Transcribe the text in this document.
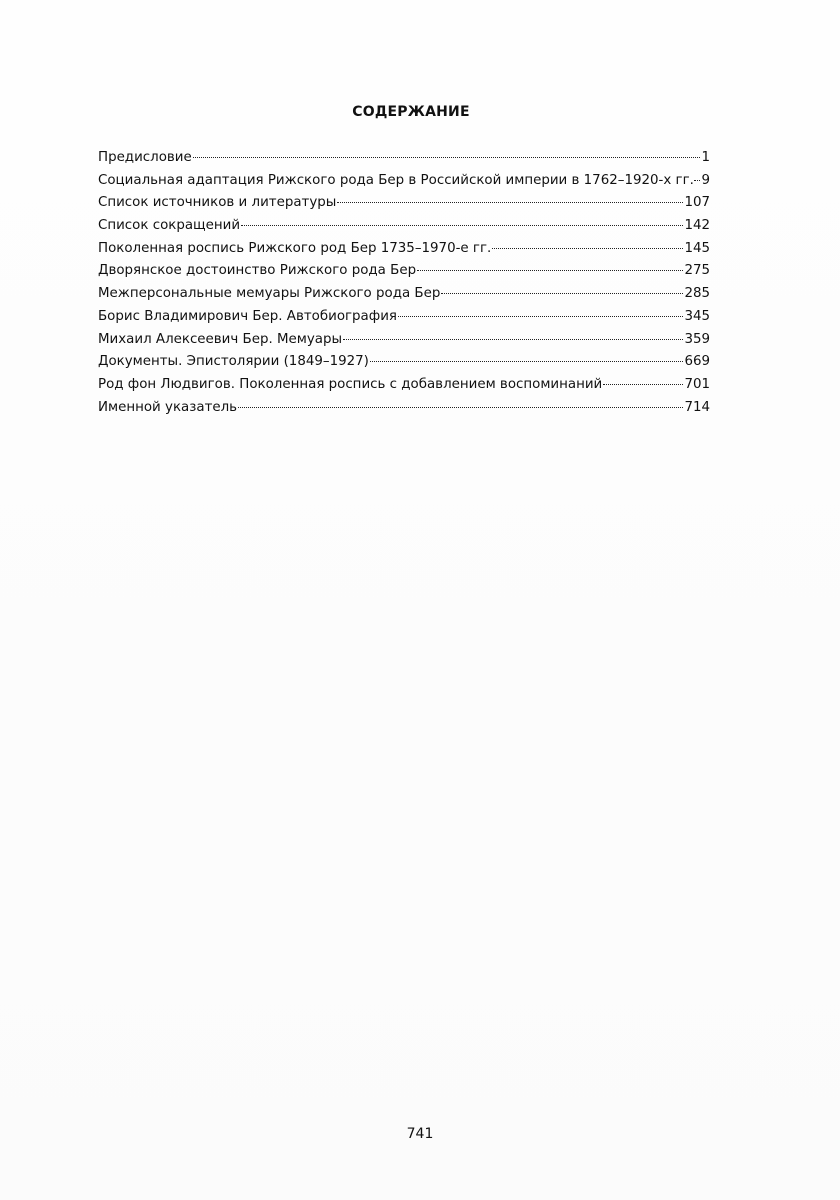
СОДЕРЖАНИЕ
Предисловие	1
Социальная адаптация Рижского рода Бер в Российской империи в 1762–1920-х гг. 9
Список источников и литературы	107
Список сокращений	142
Поколенная роспись Рижского род Бер 1735–1970-е гг.	145
Дворянское достоинство Рижского рода Бер	275
Межперсональные мемуары Рижского рода Бер	285
Борис Владимирович Бер. Автобиография	345
Михаил Алексеевич Бер. Мемуары	359
Документы. Эпистолярии (1849–1927)	669
Род фон Людвигов. Поколенная роспись с добавлением воспоминаний	701
Именной указатель	714
741
